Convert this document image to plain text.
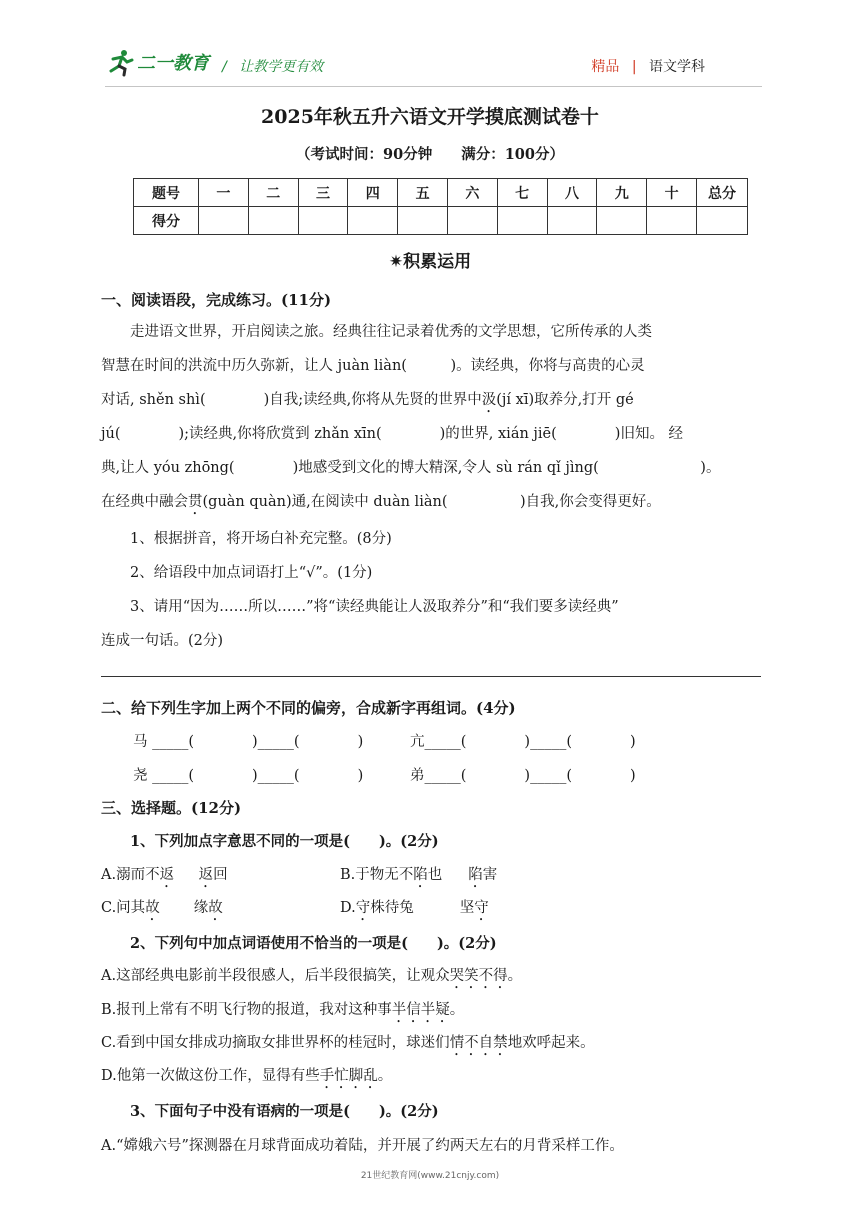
二一教育 / 让教学更有效	精品 | 语文学科
2025年秋五升六语文开学摸底测试卷十
（考试时间：90分钟　　满分：100分）
题号	一	二	三	四	五	六	七	八	九	十	总分
得分											
✷积累运用
一、阅读语段，完成练习。(11分)

走进语文世界，开启阅读之旅。经典往往记录着优秀的文学思想，它所传承的人类

智慧在时间的洪流中历久弥新，让人 juàn liàn(　　　)。读经典，你将与高贵的心灵

对话, shěn shì(　　　　)自我;读经典,你将从先贤的世界中汲(jí xī)取养分,打开 gé

jú(　　　　);读经典,你将欣赏到 zhǎn xīn(　　　　)的世界, xián jiē(　　　　)旧知。 经

典,让人 yóu zhōng(　　　　)地感受到文化的博大精深,令人 sù rán qǐ jìng(　　　　　　　)。

在经典中融会贯(guàn quàn)通,在阅读中 duàn liàn(　　　　　)自我,你会变得更好。

1、根据拼音，将开场白补充完整。(8分)
2、给语段中加点词语打上“√”。(1分)
3、请用“因为……所以……”将“读经典能让人汲取养分”和“我们要多读经典”
连成一句话。(2分)
二、给下列生字加上两个不同的偏旁，合成新字再组词。(4分)
马 _____(　　　　)_____(　　　　)	亢_____(　　　　)_____(　　　　)
尧 _____(　　　　)_____(　　　　)	弟_____(　　　　)_____(　　　　)
三、选择题。(12分)
1、下列加点字意思不同的一项是(　　)。(2分)
A.溺而不返　 返回	B.于物无不陷也 陷害
C.问其故 缘故	D.守株待兔	坚守
2、下列句中加点词语使用不恰当的一项是(　　)。(2分)
A.这部经典电影前半段很感人，后半段很搞笑，让观众哭笑不得。
B.报刊上常有不明飞行物的报道，我对这种事半信半疑。
C.看到中国女排成功摘取女排世界杯的桂冠时，球迷们情不自禁地欢呼起来。
D.他第一次做这份工作，显得有些手忙脚乱。
3、下面句子中没有语病的一项是(　　)。(2分)
A.“嫦娥六号”探测器在月球背面成功着陆，并开展了约两天左右的月背采样工作。
21世纪教育网(www.21cnjy.com)
